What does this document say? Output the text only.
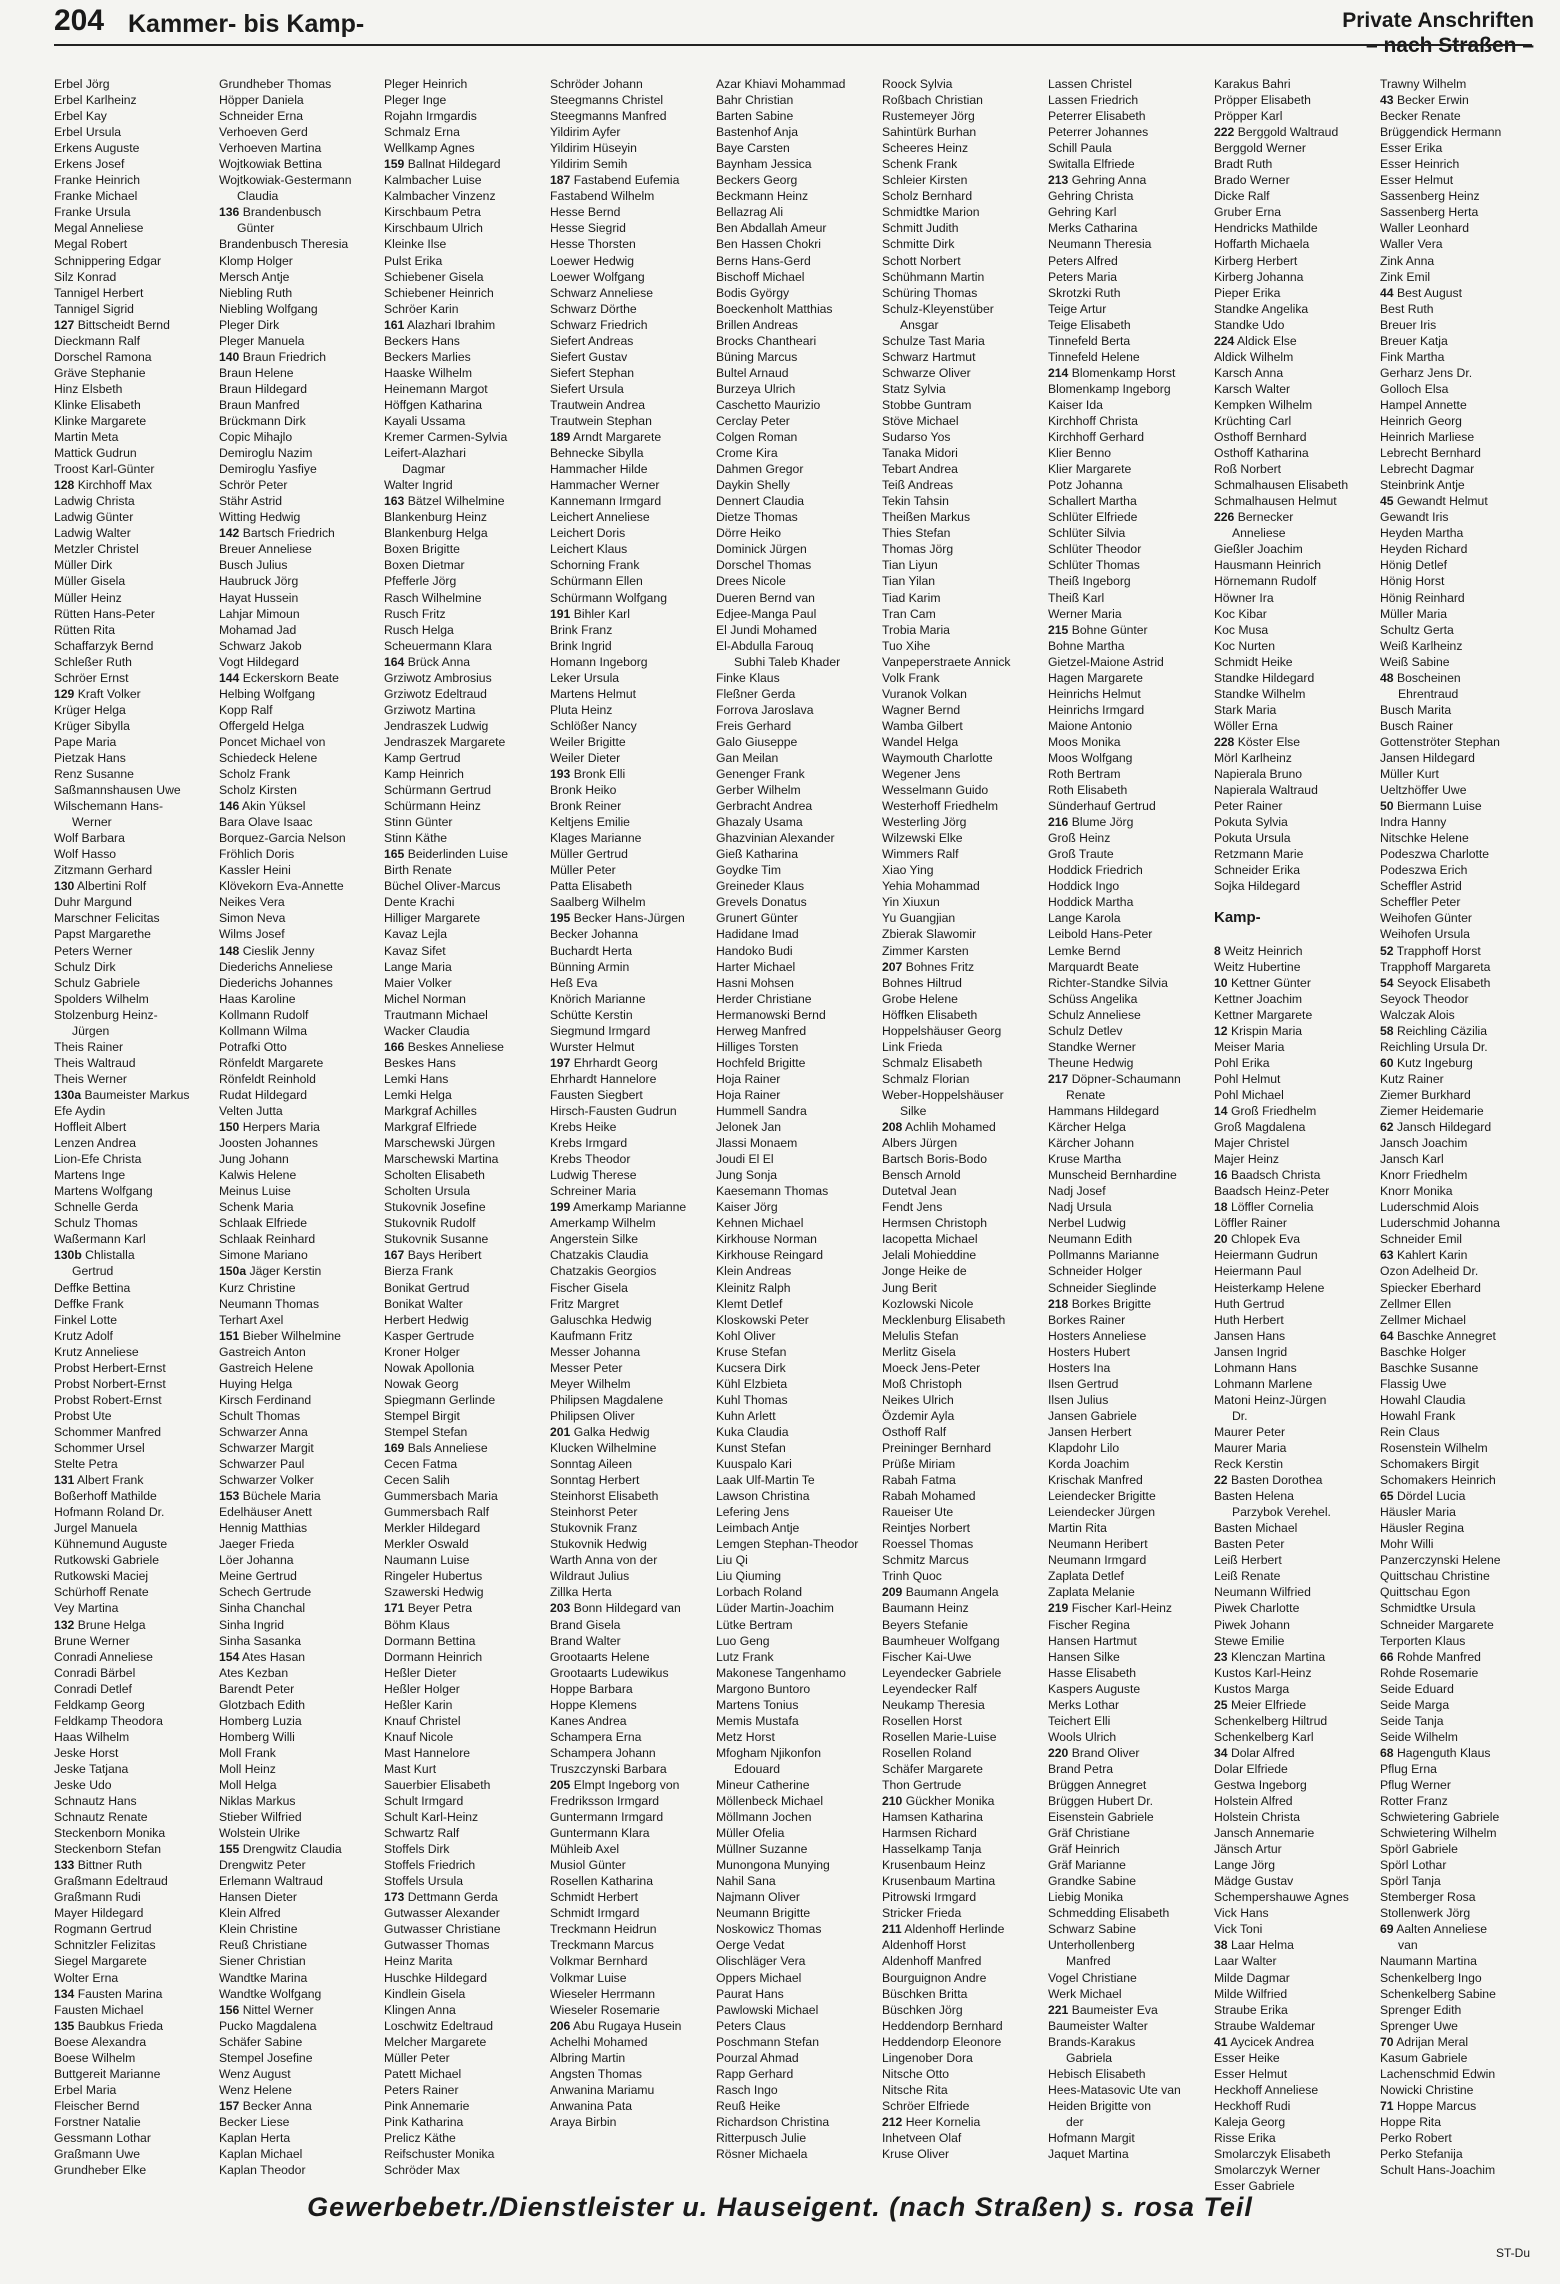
204 Kammer- bis Kamp-	Private Anschriften
– nach Straßen –
Erbel Jörg
Erbel Karlheinz
Erbel Kay
Erbel Ursula
Erkens Auguste
Erkens Josef
Franke Heinrich
Franke Michael
Franke Ursula
Megal Anneliese
Megal Robert
Schnippering Edgar
Silz Konrad
Tannigel Herbert
Tannigel Sigrid
127 Bittscheidt Bernd
Dieckmann Ralf
Dorschel Ramona
Gräve Stephanie
Hinz Elsbeth
Klinke Elisabeth
Klinke Margarete
Martin Meta
Mattick Gudrun
Troost Karl-Günter
128 Kirchhoff Max
Ladwig Christa
Ladwig Günter
Ladwig Walter
Metzler Christel
Müller Dirk
Müller Gisela
Müller Heinz
Rütten Hans-Peter
Rütten Rita
Schaffarzyk Bernd
Schleßer Ruth
Schröer Ernst
129 Kraft Volker
Krüger Helga
Krüger Sibylla
Pape Maria
Pietzak Hans
Renz Susanne
Saßmannshausen Uwe
Wilschemann Hans-
Werner
Wolf Barbara
Wolf Hasso
Zitzmann Gerhard
130 Albertini Rolf
Duhr Margund
Marschner Felicitas
Papst Margarethe
Peters Werner
Schulz Dirk
Schulz Gabriele
Spolders Wilhelm
Stolzenburg Heinz-
Jürgen
Theis Rainer
Theis Waltraud
Theis Werner
130a Baumeister Markus
Efe Aydin
Hoffleit Albert
Lenzen Andrea
Lion-Efe Christa
Martens Inge
Martens Wolfgang
Schnelle Gerda
Schulz Thomas
Waßermann Karl
130b Chlistalla
Gertrud
Deffke Bettina
Deffke Frank
Finkel Lotte
Krutz Adolf
Krutz Anneliese
Probst Herbert-Ernst
Probst Norbert-Ernst
Probst Robert-Ernst
Probst Ute
Schommer Manfred
Schommer Ursel
Stelte Petra
131 Albert Frank
Boßerhoff Mathilde
Hofmann Roland Dr.
Jurgel Manuela
Kühnemund Auguste
Rutkowski Gabriele
Rutkowski Maciej
Schürhoff Renate
Vey Martina
132 Brune Helga
Brune Werner
Conradi Anneliese
Conradi Bärbel
Conradi Detlef
Feldkamp Georg
Feldkamp Theodora
Haas Wilhelm
Jeske Horst
Jeske Tatjana
Jeske Udo
Schnautz Hans
Schnautz Renate
Steckenborn Monika
Steckenborn Stefan
133 Bittner Ruth
Graßmann Edeltraud
Graßmann Rudi
Mayer Hildegard
Rogmann Gertrud
Schnitzler Felizitas
Siegel Margarete
Wolter Erna
134 Fausten Marina
Fausten Michael
135 Baubkus Frieda
Boese Alexandra
Boese Wilhelm
Buttgereit Marianne
Erbel Maria
Fleischer Bernd
Forstner Natalie
Gessmann Lothar
Graßmann Uwe
Grundheber Elke
Grundheber Thomas
Höpper Daniela
Schneider Erna
Verhoeven Gerd
Verhoeven Martina
Wojtkowiak Bettina
Wojtkowiak-Gestermann
Claudia
136 Brandenbusch
Günter
Brandenbusch Theresia
Klomp Holger
Mersch Antje
Niebling Ruth
Niebling Wolfgang
Pleger Dirk
Pleger Manuela
140 Braun Friedrich
Braun Helene
Braun Hildegard
Braun Manfred
Brückmann Dirk
Copic Mihajlo
Demiroglu Nazim
Demiroglu Yasfiye
Schrör Peter
Stähr Astrid
Witting Hedwig
142 Bartsch Friedrich
Breuer Anneliese
Busch Julius
Haubruck Jörg
Hayat Hussein
Lahjar Mimoun
Mohamad Jad
Schwarz Jakob
Vogt Hildegard
144 Eckerskorn Beate
Helbing Wolfgang
Kopp Ralf
Offergeld Helga
Poncet Michael von
Schiedeck Helene
Scholz Frank
Scholz Kirsten
146 Akin Yüksel
Bara Olave Isaac
Borquez-Garcia Nelson
Fröhlich Doris
Kassler Heini
Klövekorn Eva-Annette
Neikes Vera
Simon Neva
Wilms Josef
148 Cieslik Jenny
Diederichs Anneliese
Diederichs Johannes
Haas Karoline
Kollmann Rudolf
Kollmann Wilma
Potrafki Otto
Rönfeldt Margarete
Rönfeldt Reinhold
Rudat Hildegard
Velten Jutta
150 Herpers Maria
Joosten Johannes
Jung Johann
Kalwis Helene
Meinus Luise
Schenk Maria
Schlaak Elfriede
Schlaak Reinhard
Simone Mariano
150a Jäger Kerstin
Kurz Christine
Neumann Thomas
Terhart Axel
151 Bieber Wilhelmine
Gastreich Anton
Gastreich Helene
Huying Helga
Kirsch Ferdinand
Schult Thomas
Schwarzer Anna
Schwarzer Margit
Schwarzer Paul
Schwarzer Volker
153 Büchele Maria
Edelhäuser Anett
Hennig Matthias
Jaeger Frieda
Löer Johanna
Meine Gertrud
Schech Gertrude
Sinha Chanchal
Sinha Ingrid
Sinha Sasanka
154 Ates Hasan
Ates Kezban
Barendt Peter
Glotzbach Edith
Homberg Luzia
Homberg Willi
Moll Frank
Moll Heinz
Moll Helga
Niklas Markus
Stieber Wilfried
Wolstein Ulrike
155 Drengwitz Claudia
Drengwitz Peter
Erlemann Waltraud
Hansen Dieter
Klein Alfred
Klein Christine
Reuß Christiane
Siener Christian
Wandtke Marina
Wandtke Wolfgang
156 Nittel Werner
Pucko Magdalena
Schäfer Sabine
Stempel Josefine
Wenz August
Wenz Helene
157 Becker Anna
Becker Liese
Kaplan Herta
Kaplan Michael
Kaplan Theodor
Pleger Heinrich
Pleger Inge
Rojahn Irmgardis
Schmalz Erna
Wellkamp Agnes
159 Ballnat Hildegard
Kalmbacher Luise
Kalmbacher Vinzenz
Kirschbaum Petra
Kirschbaum Ulrich
Kleinke Ilse
Pulst Erika
Schiebener Gisela
Schiebener Heinrich
Schröer Karin
161 Alazhari Ibrahim
Beckers Hans
Beckers Marlies
Haaske Wilhelm
Heinemann Margot
Höffgen Katharina
Kayali Ussama
Kremer Carmen-Sylvia
Leifert-Alazhari
Dagmar
Walter Ingrid
163 Bätzel Wilhelmine
Blankenburg Heinz
Blankenburg Helga
Boxen Brigitte
Boxen Dietmar
Pfefferle Jörg
Rasch Wilhelmine
Rusch Fritz
Rusch Helga
Scheuermann Klara
164 Brück Anna
Grziwotz Ambrosius
Grziwotz Edeltraud
Grziwotz Martina
Jendraszek Ludwig
Jendraszek Margarete
Kamp Gertrud
Kamp Heinrich
Schürmann Gertrud
Schürmann Heinz
Stinn Günter
Stinn Käthe
165 Beiderlinden Luise
Birth Renate
Büchel Oliver-Marcus
Dente Krachi
Hilliger Margarete
Kavaz Lejla
Kavaz Sifet
Lange Maria
Maier Volker
Michel Norman
Trautmann Michael
Wacker Claudia
166 Beskes Anneliese
Beskes Hans
Lemki Hans
Lemki Helga
Markgraf Achilles
Markgraf Elfriede
Marschewski Jürgen
Marschewski Martina
Scholten Elisabeth
Scholten Ursula
Stukovnik Josefine
Stukovnik Rudolf
Stukovnik Susanne
167 Bays Heribert
Bierza Frank
Bonikat Gertrud
Bonikat Walter
Herbert Hedwig
Kasper Gertrude
Kroner Holger
Nowak Apollonia
Nowak Georg
Spiegmann Gerlinde
Stempel Birgit
Stempel Stefan
169 Bals Anneliese
Cecen Fatma
Cecen Salih
Gummersbach Maria
Gummersbach Ralf
Merkler Hildegard
Merkler Oswald
Naumann Luise
Ringeler Hubertus
Szawerski Hedwig
171 Beyer Petra
Böhm Klaus
Dormann Bettina
Dormann Heinrich
Heßler Dieter
Heßler Holger
Heßler Karin
Knauf Christel
Knauf Nicole
Mast Hannelore
Mast Kurt
Sauerbier Elisabeth
Schult Irmgard
Schult Karl-Heinz
Schwartz Ralf
Stoffels Dirk
Stoffels Friedrich
Stoffels Ursula
173 Dettmann Gerda
Gutwasser Alexander
Gutwasser Christiane
Gutwasser Thomas
Heinz Marita
Huschke Hildegard
Kindlein Gisela
Klingen Anna
Loschwitz Edeltraud
Melcher Margarete
Müller Peter
Patett Michael
Peters Rainer
Pink Annemarie
Pink Katharina
Prelicz Käthe
Reifschuster Monika
Schröder Max
Schröder Johann
Steegmanns Christel
Steegmanns Manfred
Yildirim Ayfer
Yildirim Hüseyin
Yildirim Semih
187 Fastabend Eufemia
Fastabend Wilhelm
Hesse Bernd
Hesse Siegrid
Hesse Thorsten
Loewer Hedwig
Loewer Wolfgang
Schwarz Anneliese
Schwarz Dörthe
Schwarz Friedrich
Siefert Andreas
Siefert Gustav
Siefert Stephan
Siefert Ursula
Trautwein Andrea
Trautwein Stephan
189 Arndt Margarete
Behnecke Sibylla
Hammacher Hilde
Hammacher Werner
Kannemann Irmgard
Leichert Anneliese
Leichert Doris
Leichert Klaus
Schorning Frank
Schürmann Ellen
Schürmann Wolfgang
191 Bihler Karl
Brink Franz
Brink Ingrid
Homann Ingeborg
Leker Ursula
Martens Helmut
Pluta Heinz
Schlößer Nancy
Weiler Brigitte
Weiler Dieter
193 Bronk Elli
Bronk Heiko
Bronk Reiner
Keltjens Emilie
Klages Marianne
Müller Gertrud
Müller Peter
Patta Elisabeth
Saalberg Wilhelm
195 Becker Hans-Jürgen
Becker Johanna
Buchardt Herta
Bünning Armin
Heß Eva
Knörich Marianne
Schütte Kerstin
Siegmund Irmgard
Wurster Helmut
197 Ehrhardt Georg
Ehrhardt Hannelore
Fausten Siegbert
Hirsch-Fausten Gudrun
Krebs Heike
Krebs Irmgard
Krebs Theodor
Ludwig Therese
Schreiner Maria
199 Amerkamp Marianne
Amerkamp Wilhelm
Angerstein Silke
Chatzakis Claudia
Chatzakis Georgios
Fischer Gisela
Fritz Margret
Galuschka Hedwig
Kaufmann Fritz
Messer Johanna
Messer Peter
Meyer Wilhelm
Philipsen Magdalene
Philipsen Oliver
201 Galka Hedwig
Klucken Wilhelmine
Sonntag Aileen
Sonntag Herbert
Steinhorst Elisabeth
Steinhorst Peter
Stukovnik Franz
Stukovnik Hedwig
Warth Anna von der
Wildraut Julius
Zillka Herta
203 Bonn Hildegard van
Brand Gisela
Brand Walter
Grootaarts Helene
Grootaarts Ludewikus
Hoppe Barbara
Hoppe Klemens
Kanes Andrea
Schampera Erna
Schampera Johann
Truszczynski Barbara
205 Elmpt Ingeborg von
Fredriksson Irmgard
Guntermann Irmgard
Guntermann Klara
Mühleib Axel
Musiol Günter
Rosellen Katharina
Schmidt Herbert
Schmidt Irmgard
Treckmann Heidrun
Treckmann Marcus
Volkmar Bernhard
Volkmar Luise
Wieseler Herrmann
Wieseler Rosemarie
206 Abu Rugaya Husein
Achelhi Mohamed
Albring Martin
Angsten Thomas
Anwanina Mariamu
Anwanina Pata
Araya Birbin
Azar Khiavi Mohammad
Bahr Christian
Barten Sabine
Bastenhof Anja
Baye Carsten
Baynham Jessica
Beckers Georg
Beckmann Heinz
Bellazrag Ali
Ben Abdallah Ameur
Ben Hassen Chokri
Berns Hans-Gerd
Bischoff Michael
Bodis György
Boeckenholt Matthias
Brillen Andreas
Brocks Chantheari
Büning Marcus
Bultel Arnaud
Burzeya Ulrich
Caschetto Maurizio
Cerclay Peter
Colgen Roman
Crome Kira
Dahmen Gregor
Daykin Shelly
Dennert Claudia
Dietze Thomas
Dörre Heiko
Dominick Jürgen
Dorschel Thomas
Drees Nicole
Dueren Bernd van
Edjee-Manga Paul
El Jundi Mohamed
El-Abdulla Farouq
Subhi Taleb Khader
Finke Klaus
Fleßner Gerda
Forrova Jaroslava
Freis Gerhard
Galo Giuseppe
Gan Meilan
Genenger Frank
Gerber Wilhelm
Gerbracht Andrea
Ghazaly Usama
Ghazvinian Alexander
Gieß Katharina
Goydke Tim
Greineder Klaus
Grevels Donatus
Grunert Günter
Hadidane Imad
Handoko Budi
Harter Michael
Hasni Mohsen
Herder Christiane
Hermanowski Bernd
Herweg Manfred
Hilliges Torsten
Hochfeld Brigitte
Hoja Rainer
Hoja Rainer
Hummell Sandra
Jelonek Jan
Jlassi Monaem
Joudi El El
Jung Sonja
Kaesemann Thomas
Kaiser Jörg
Kehnen Michael
Kirkhouse Norman
Kirkhouse Reingard
Klein Andreas
Kleinitz Ralph
Klemt Detlef
Kloskowski Peter
Kohl Oliver
Kruse Stefan
Kucsera Dirk
Kühl Elzbieta
Kuhl Thomas
Kuhn Arlett
Kuka Claudia
Kunst Stefan
Kuuspalo Kari
Laak Ulf-Martin Te
Lawson Christina
Lefering Jens
Leimbach Antje
Lemgen Stephan-Theodor
Liu Qi
Liu Qiuming
Lorbach Roland
Lüder Martin-Joachim
Lütke Bertram
Luo Geng
Lutz Frank
Makonese Tangenhamo
Margono Buntoro
Martens Tonius
Memis Mustafa
Metz Horst
Mfogham Njikonfon
Edouard
Mineur Catherine
Möllenbeck Michael
Möllmann Jochen
Müller Ofelia
Müllner Suzanne
Munongona Munying
Nahil Sana
Najmann Oliver
Neumann Brigitte
Noskowicz Thomas
Oerge Vedat
Olischläger Vera
Oppers Michael
Paurat Hans
Pawlowski Michael
Peters Claus
Poschmann Stefan
Pourzal Ahmad
Rapp Gerhard
Rasch Ingo
Reuß Heike
Richardson Christina
Ritterpusch Julie
Rösner Michaela
Roock Sylvia
Roßbach Christian
Rustemeyer Jörg
Sahintürk Burhan
Scheeres Heinz
Schenk Frank
Schleier Kirsten
Scholz Bernhard
Schmidtke Marion
Schmitt Judith
Schmitte Dirk
Schott Norbert
Schühmann Martin
Schüring Thomas
Schulz-Kleyenstüber
Ansgar
Schulze Tast Maria
Schwarz Hartmut
Schwarze Oliver
Statz Sylvia
Stobbe Guntram
Stöve Michael
Sudarso Yos
Tanaka Midori
Tebart Andrea
Teiß Andreas
Tekin Tahsin
Theißen Markus
Thies Stefan
Thomas Jörg
Tian Liyun
Tian Yilan
Tiad Karim
Tran Cam
Trobia Maria
Tuo Xihe
Vanpeperstraete Annick
Volk Frank
Vuranok Volkan
Wagner Bernd
Wamba Gilbert
Wandel Helga
Waymouth Charlotte
Wegener Jens
Wesselmann Guido
Westerhoff Friedhelm
Westerling Jörg
Wilzewski Elke
Wimmers Ralf
Xiao Ying
Yehia Mohammad
Yin Xiuxun
Yu Guangjian
Zbierak Slawomir
Zimmer Karsten
207 Bohnes Fritz
Bohnes Hiltrud
Grobe Helene
Höffken Elisabeth
Hoppelshäuser Georg
Link Frieda
Schmalz Elisabeth
Schmalz Florian
Weber-Hoppelshäuser
Silke
208 Achlih Mohamed
Albers Jürgen
Bartsch Boris-Bodo
Bensch Arnold
Dutetval Jean
Fendt Jens
Hermsen Christoph
Iacopetta Michael
Jelali Mohieddine
Jonge Heike de
Jung Berit
Kozlowski Nicole
Mecklenburg Elisabeth
Melulis Stefan
Merlitz Gisela
Moeck Jens-Peter
Moß Christoph
Neikes Ulrich
Özdemir Ayla
Osthoff Ralf
Preininger Bernhard
Prüße Miriam
Rabah Fatma
Rabah Mohamed
Raueiser Ute
Reintjes Norbert
Roessel Thomas
Schmitz Marcus
Trinh Quoc
209 Baumann Angela
Baumann Heinz
Beyers Stefanie
Baumheuer Wolfgang
Fischer Kai-Uwe
Leyendecker Gabriele
Leyendecker Ralf
Neukamp Theresia
Rosellen Horst
Rosellen Marie-Luise
Rosellen Roland
Schäfer Margarete
Thon Gertrude
210 Gückher Monika
Hamsen Katharina
Harmsen Richard
Hasselkamp Tanja
Krusenbaum Heinz
Krusenbaum Martina
Pitrowski Irmgard
Stricker Frieda
211 Aldenhoff Herlinde
Aldenhoff Horst
Aldenhoff Manfred
Bourguignon Andre
Büschken Britta
Büschken Jörg
Heddendorp Bernhard
Heddendorp Eleonore
Lingenober Dora
Nitsche Otto
Nitsche Rita
Schröer Elfriede
212 Heer Kornelia
Inhetveen Olaf
Kruse Oliver
Lassen Christel
Lassen Friedrich
Peterrer Elisabeth
Peterrer Johannes
Schill Paula
Switalla Elfriede
213 Gehring Anna
Gehring Christa
Gehring Karl
Merks Catharina
Neumann Theresia
Peters Alfred
Peters Maria
Skrotzki Ruth
Teige Artur
Teige Elisabeth
Tinnefeld Berta
Tinnefeld Helene
214 Blomenkamp Horst
Blomenkamp Ingeborg
Kaiser Ida
Kirchhoff Christa
Kirchhoff Gerhard
Klier Benno
Klier Margarete
Potz Johanna
Schallert Martha
Schlüter Elfriede
Schlüter Silvia
Schlüter Theodor
Schlüter Thomas
Theiß Ingeborg
Theiß Karl
Werner Maria
215 Bohne Günter
Bohne Martha
Gietzel-Maione Astrid
Hagen Margarete
Heinrichs Helmut
Heinrichs Irmgard
Maione Antonio
Moos Monika
Moos Wolfgang
Roth Bertram
Roth Elisabeth
Sünderhauf Gertrud
216 Blume Jörg
Groß Heinz
Groß Traute
Hoddick Friedrich
Hoddick Ingo
Hoddick Martha
Lange Karola
Leibold Hans-Peter
Lemke Bernd
Marquardt Beate
Richter-Standke Silvia
Schüss Angelika
Schulz Anneliese
Schulz Detlev
Standke Werner
Theune Hedwig
217 Döpner-Schaumann
Renate
Hammans Hildegard
Kärcher Helga
Kärcher Johann
Kruse Martha
Munscheid Bernhardine
Nadj Josef
Nadj Ursula
Nerbel Ludwig
Neumann Edith
Pollmanns Marianne
Schneider Holger
Schneider Sieglinde
218 Borkes Brigitte
Borkes Rainer
Hosters Anneliese
Hosters Hubert
Hosters Ina
Ilsen Gertrud
Ilsen Julius
Jansen Gabriele
Jansen Herbert
Klapdohr Lilo
Korda Joachim
Krischak Manfred
Leiendecker Brigitte
Leiendecker Jürgen
Martin Rita
Neumann Heribert
Neumann Irmgard
Zaplata Detlef
Zaplata Melanie
219 Fischer Karl-Heinz
Fischer Regina
Hansen Hartmut
Hansen Silke
Hasse Elisabeth
Kaspers Auguste
Merks Lothar
Teichert Elli
Wools Ulrich
220 Brand Oliver
Brand Petra
Brüggen Annegret
Brüggen Hubert Dr.
Eisenstein Gabriele
Gräf Christiane
Gräf Heinrich
Gräf Marianne
Grandke Sabine
Liebig Monika
Schmedding Elisabeth
Schwarz Sabine
Unterhollenberg
Manfred
Vogel Christiane
Werk Michael
221 Baumeister Eva
Baumeister Walter
Brands-Karakus
Gabriela
Hebisch Elisabeth
Hees-Matasovic Ute van
Heiden Brigitte von
der
Hofmann Margit
Jaquet Martina
Karakus Bahri
Pröpper Elisabeth
Pröpper Karl
222 Berggold Waltraud
Berggold Werner
Bradt Ruth
Brado Werner
Dicke Ralf
Gruber Erna
Hendricks Mathilde
Hoffarth Michaela
Kirberg Herbert
Kirberg Johanna
Pieper Erika
Standke Angelika
Standke Udo
224 Aldick Else
Aldick Wilhelm
Karsch Anna
Karsch Walter
Kempken Wilhelm
Krüchting Carl
Osthoff Bernhard
Osthoff Katharina
Roß Norbert
Schmalhausen Elisabeth
Schmalhausen Helmut
226 Bernecker
Anneliese
Gießler Joachim
Hausmann Heinrich
Hörnemann Rudolf
Höwner Ira
Koc Kibar
Koc Musa
Koc Nurten
Schmidt Heike
Standke Hildegard
Standke Wilhelm
Stark Maria
Wöller Erna
228 Köster Else
Mörl Karlheinz
Napierala Bruno
Napierala Waltraud
Peter Rainer
Pokuta Sylvia
Pokuta Ursula
Retzmann Marie
Schneider Erika
Sojka Hildegard
Kamp-
8 Weitz Heinrich
Weitz Hubertine
10 Kettner Günter
Kettner Joachim
Kettner Margarete
12 Krispin Maria
Meiser Maria
Pohl Erika
Pohl Helmut
Pohl Michael
14 Groß Friedhelm
Groß Magdalena
Majer Christel
Majer Heinz
16 Baadsch Christa
Baadsch Heinz-Peter
18 Löffler Cornelia
Löffler Rainer
20 Chlopek Eva
Heiermann Gudrun
Heiermann Paul
Heisterkamp Helene
Huth Gertrud
Huth Herbert
Jansen Hans
Jansen Ingrid
Lohmann Hans
Lohmann Marlene
Matoni Heinz-Jürgen
Dr.
Maurer Peter
Maurer Maria
Reck Kerstin
22 Basten Dorothea
Basten Helena
Parzybok Verehel.
Basten Michael
Basten Peter
Leiß Herbert
Leiß Renate
Neumann Wilfried
Piwek Charlotte
Piwek Johann
Stewe Emilie
23 Klenczan Martina
Kustos Karl-Heinz
Kustos Marga
25 Meier Elfriede
Schenkelberg Hiltrud
Schenkelberg Karl
34 Dolar Alfred
Dolar Elfriede
Gestwa Ingeborg
Holstein Alfred
Holstein Christa
Jansch Annemarie
Jänsch Artur
Lange Jörg
Mädge Gustav
Schempershauwe Agnes
Vick Hans
Vick Toni
38 Laar Helma
Laar Walter
Milde Dagmar
Milde Wilfried
Straube Erika
Straube Waldemar
41 Aycicek Andrea
Esser Heike
Esser Helmut
Heckhoff Anneliese
Heckhoff Rudi
Kaleja Georg
Risse Erika
Smolarczyk Elisabeth
Smolarczyk Werner
Esser Gabriele
Trawny Wilhelm
43 Becker Erwin
Becker Renate
Brüggendick Hermann
Esser Erika
Esser Heinrich
Esser Helmut
Sassenberg Heinz
Sassenberg Herta
Waller Leonhard
Waller Vera
Zink Anna
Zink Emil
44 Best August
Best Ruth
Breuer Iris
Breuer Katja
Fink Martha
Gerharz Jens Dr.
Golloch Elsa
Hampel Annette
Heinrich Georg
Heinrich Marliese
Lebrecht Bernhard
Lebrecht Dagmar
Steinbrink Antje
45 Gewandt Helmut
Gewandt Iris
Heyden Martha
Heyden Richard
Hönig Detlef
Hönig Horst
Hönig Reinhard
Müller Maria
Schultz Gerta
Weiß Karlheinz
Weiß Sabine
48 Boscheinen
Ehrentraud
Busch Marita
Busch Rainer
Gottenströter Stephan
Jansen Hildegard
Müller Kurt
Ueltzhöffer Uwe
50 Biermann Luise
Indra Hanny
Nitschke Helene
Podeszwa Charlotte
Podeszwa Erich
Scheffler Astrid
Scheffler Peter
Weihofen Günter
Weihofen Ursula
52 Trapphoff Horst
Trapphoff Margareta
54 Seyock Elisabeth
Seyock Theodor
Walczak Alois
58 Reichling Cäzilia
Reichling Ursula Dr.
60 Kutz Ingeburg
Kutz Rainer
Ziemer Burkhard
Ziemer Heidemarie
62 Jansch Hildegard
Jansch Joachim
Jansch Karl
Knorr Friedhelm
Knorr Monika
Luderschmid Alois
Luderschmid Johanna
Schneider Emil
63 Kahlert Karin
Ozon Adelheid Dr.
Spiecker Eberhard
Zellmer Ellen
Zellmer Michael
64 Baschke Annegret
Baschke Holger
Baschke Susanne
Flassig Uwe
Howahl Claudia
Howahl Frank
Rein Claus
Rosenstein Wilhelm
Schomakers Birgit
Schomakers Heinrich
65 Dördel Lucia
Häusler Maria
Häusler Regina
Mohr Willi
Panzerczynski Helene
Quittschau Christine
Quittschau Egon
Schmidtke Ursula
Schneider Margarete
Terporten Klaus
66 Rohde Manfred
Rohde Rosemarie
Seide Eduard
Seide Marga
Seide Tanja
Seide Wilhelm
68 Hagenguth Klaus
Pflug Erna
Pflug Werner
Rotter Franz
Schwietering Gabriele
Schwietering Wilhelm
Spörl Gabriele
Spörl Lothar
Spörl Tanja
Stemberger Rosa
Stollenwerk Jörg
69 Aalten Anneliese
van
Naumann Martina
Schenkelberg Ingo
Schenkelberg Sabine
Sprenger Edith
Sprenger Uwe
70 Adrijan Meral
Kasum Gabriele
Lachenschmid Edwin
Nowicki Christine
71 Hoppe Marcus
Hoppe Rita
Perko Robert
Perko Stefanija
Schult Hans-Joachim
Gewerbebetr./Dienstleister u. Hauseigent. (nach Straßen) s. rosa Teil
ST-Du
